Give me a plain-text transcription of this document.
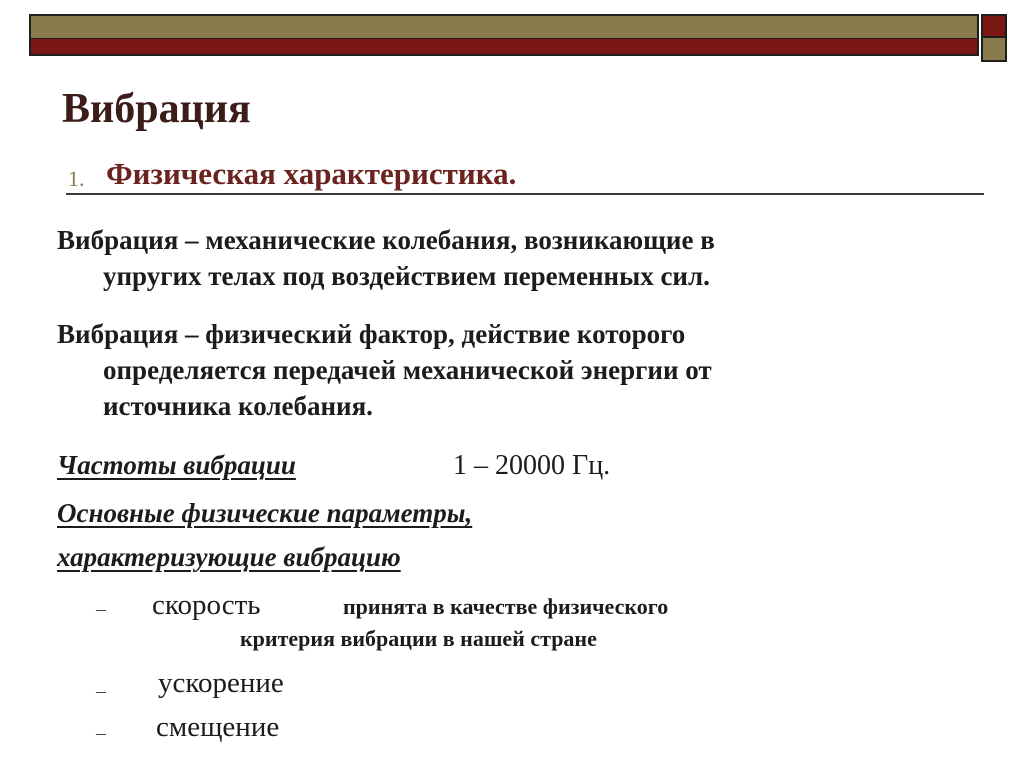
Вибрация
1. Физическая характеристика.
Вибрация – механические колебания, возникающие в
упругих телах под воздействием переменных сил.
Вибрация – физический фактор, действие которого
определяется передачей механической энергии от
источника колебания.
Частоты вибрации	1 – 20000 Гц.
Основные физические параметры,
характеризующие вибрацию
– скорость	принята в качестве физического
критерия вибрации в нашей стране
– ускорение
– смещение
